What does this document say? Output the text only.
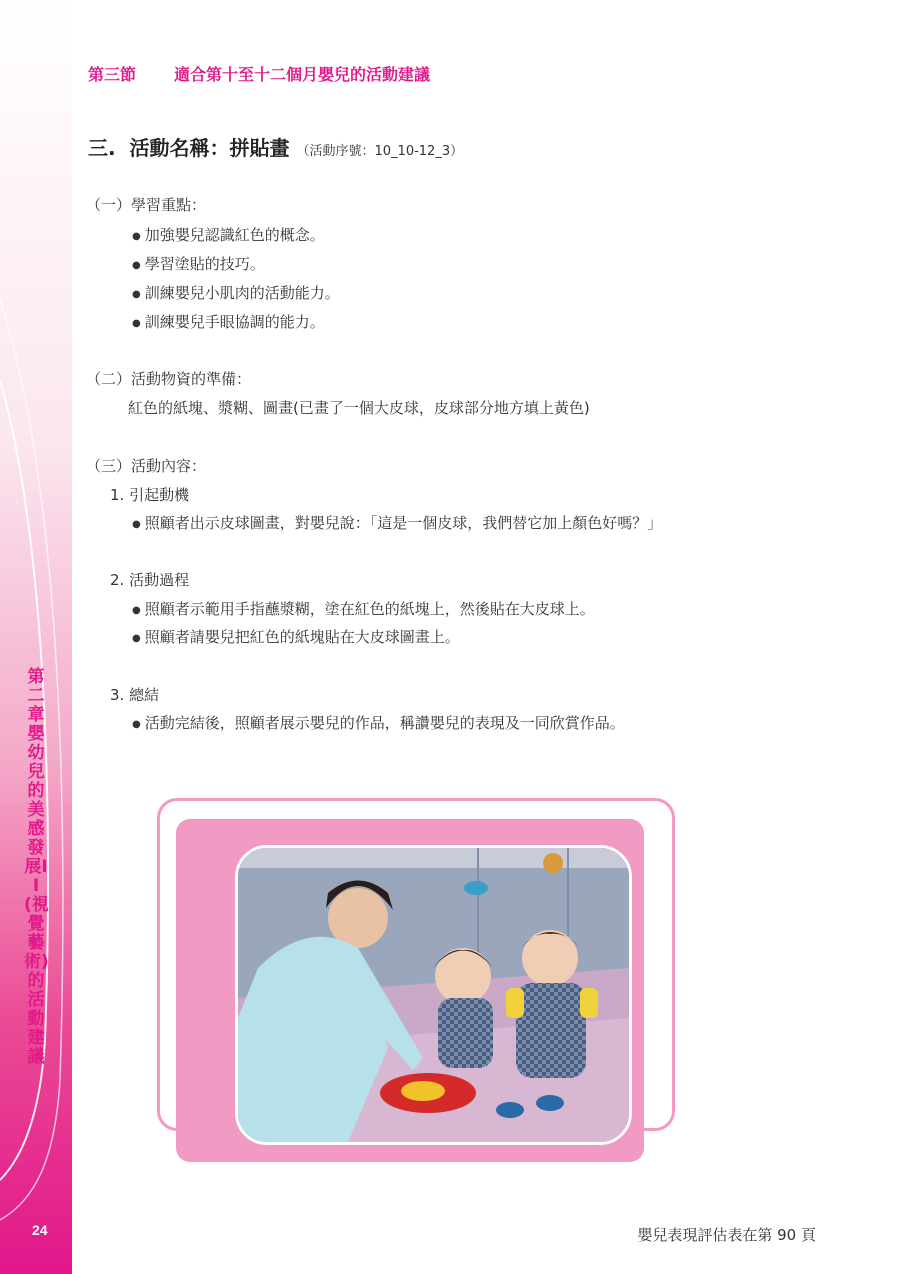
第二章 嬰幼兒的美感發展II(視覺藝術)的活動建議
24
第三節 適合第十至十二個月嬰兒的活動建議
三. 活動名稱：拼貼畫 （活動序號：10_10-12_3）
（一）學習重點：
● 加強嬰兒認識紅色的概念。
● 學習塗貼的技巧。
● 訓練嬰兒小肌肉的活動能力。
● 訓練嬰兒手眼協調的能力。
（二）活動物資的準備：
紅色的紙塊、漿糊、圖畫(已畫了一個大皮球，皮球部分地方填上黃色)
（三）活動內容：
1. 引起動機
● 照顧者出示皮球圖畫，對嬰兒說：「這是一個皮球，我們替它加上顏色好嗎？」
2. 活動過程
● 照顧者示範用手指蘸漿糊，塗在紅色的紙塊上，然後貼在大皮球上。
● 照顧者請嬰兒把紅色的紙塊貼在大皮球圖畫上。
3. 總結
● 活動完結後，照顧者展示嬰兒的作品，稱讚嬰兒的表現及一同欣賞作品。
嬰兒表現評估表在第 90 頁
